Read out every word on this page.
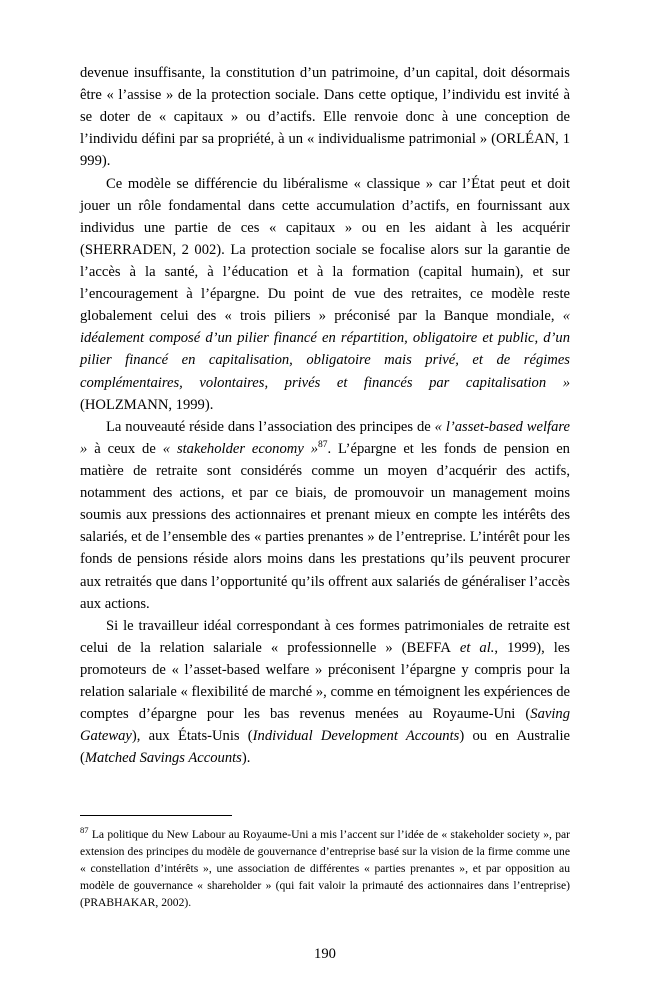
devenue insuffisante, la constitution d’un patrimoine, d’un capital, doit désormais être « l’assise » de la protection sociale. Dans cette optique, l’individu est invité à se doter de « capitaux » ou d’actifs. Elle renvoie donc à une conception de l’individu défini par sa propriété, à un « individualisme patrimonial » (ORLÉAN, 1 999).

Ce modèle se différencie du libéralisme « classique » car l’État peut et doit jouer un rôle fondamental dans cette accumulation d’actifs, en fournissant aux individus une partie de ces « capitaux » ou en les aidant à les acquérir (SHERRADEN, 2 002). La protection sociale se focalise alors sur la garantie de l’accès à la santé, à l’éducation et à la formation (capital humain), et sur l’encouragement à l’épargne. Du point de vue des retraites, ce modèle reste globalement celui des « trois piliers » préconisé par la Banque mondiale, « idéalement composé d’un pilier financé en répartition, obligatoire et public, d’un pilier financé en capitalisation, obligatoire mais privé, et de régimes complémentaires, volontaires, privés et financés par capitalisation » (HOLZMANN, 1999).

La nouveauté réside dans l’association des principes de « l’asset-based welfare » à ceux de « stakeholder economy »$^{87}$. L’épargne et les fonds de pension en matière de retraite sont considérés comme un moyen d’acquérir des actifs, notamment des actions, et par ce biais, de promouvoir un management moins soumis aux pressions des actionnaires et prenant mieux en compte les intérêts des salariés, et de l’ensemble des « parties prenantes » de l’entreprise. L’intérêt pour les fonds de pensions réside alors moins dans les prestations qu’ils peuvent procurer aux retraités que dans l’opportunité qu’ils offrent aux salariés de généraliser l’accès aux actions.

Si le travailleur idéal correspondant à ces formes patrimoniales de retraite est celui de la relation salariale « professionnelle » (BEFFA et al., 1999), les promoteurs de « l’asset-based welfare » préconisent l’épargne y compris pour la relation salariale « flexibilité de marché », comme en témoignent les expériences de comptes d’épargne pour les bas revenus menées au Royaume-Uni (Saving Gateway), aux États-Unis (Individual Development Accounts) ou en Australie (Matched Savings Accounts).

$^{87}$ La politique du New Labour au Royaume-Uni a mis l’accent sur l’idée de « stakeholder society », par extension des principes du modèle de gouvernance d’entreprise basé sur la vision de la firme comme une « constellation d’intérêts », une association de différentes « parties prenantes », et par opposition au modèle de gouvernance « shareholder » (qui fait valoir la primauté des actionnaires dans l’entreprise) (PRABHAKAR, 2002).
190
